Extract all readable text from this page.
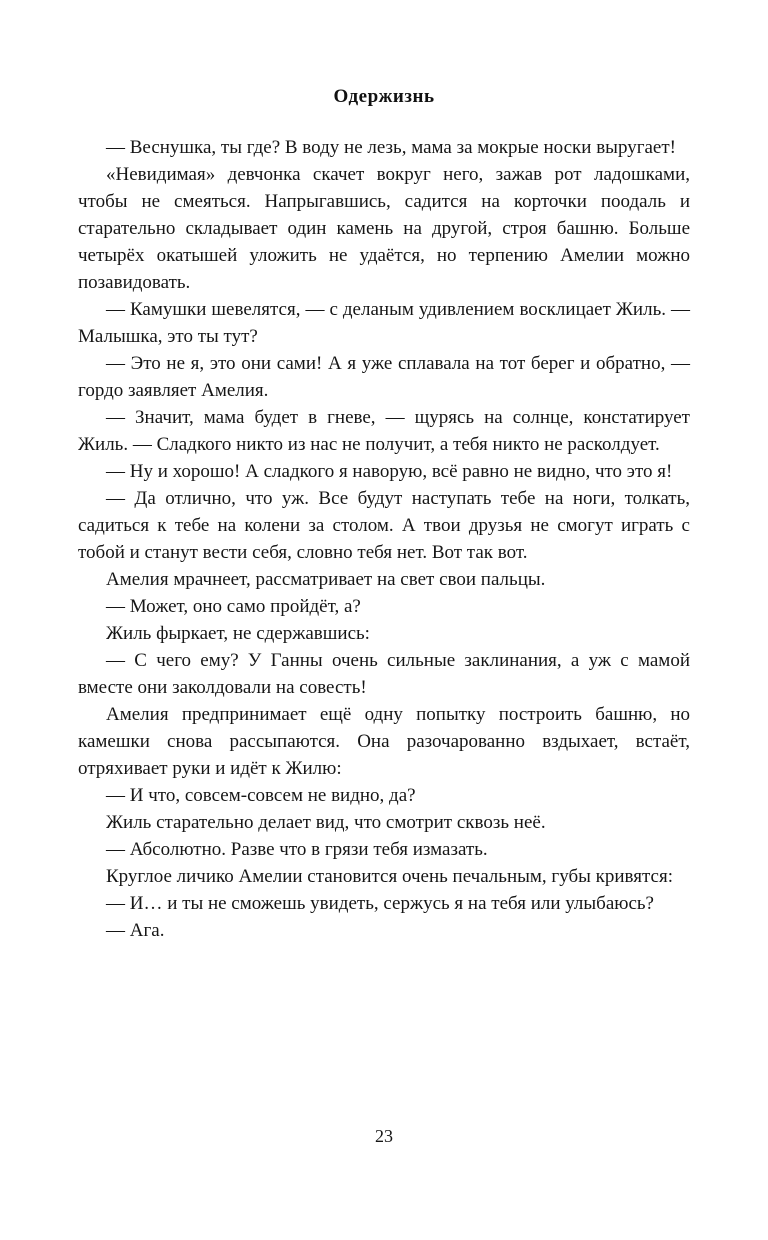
Одержизнь

— Веснушка, ты где? В воду не лезь, мама за мокрые носки выругает!

«Невидимая» девчонка скачет вокруг него, зажав рот ладошками, чтобы не смеяться. Напрыгавшись, садится на корточки поодаль и старательно складывает один камень на другой, строя башню. Больше четырёх окатышей уложить не удаётся, но терпению Амелии можно позавидовать.

— Камушки шевелятся, — с деланым удивлением восклицает Жиль. — Малышка, это ты тут?

— Это не я, это они сами! А я уже сплавала на тот берег и обратно, — гордо заявляет Амелия.

— Значит, мама будет в гневе, — щурясь на солнце, констатирует Жиль. — Сладкого никто из нас не получит, а тебя никто не расколдует.

— Ну и хорошо! А сладкого я наворую, всё равно не видно, что это я!

— Да отлично, что уж. Все будут наступать тебе на ноги, толкать, садиться к тебе на колени за столом. А твои друзья не смогут играть с тобой и станут вести себя, словно тебя нет. Вот так вот.

Амелия мрачнеет, рассматривает на свет свои пальцы.

— Может, оно само пройдёт, а?

Жиль фыркает, не сдержавшись:

— С чего ему? У Ганны очень сильные заклинания, а уж с мамой вместе они заколдовали на совесть!

Амелия предпринимает ещё одну попытку построить башню, но камешки снова рассыпаются. Она разочарованно вздыхает, встаёт, отряхивает руки и идёт к Жилю:

— И что, совсем-совсем не видно, да?

Жиль старательно делает вид, что смотрит сквозь неё.

— Абсолютно. Разве что в грязи тебя измазать.

Круглое личико Амелии становится очень печальным, губы кривятся:

— И… и ты не сможешь увидеть, сержусь я на тебя или улыбаюсь?

— Ага.

23
